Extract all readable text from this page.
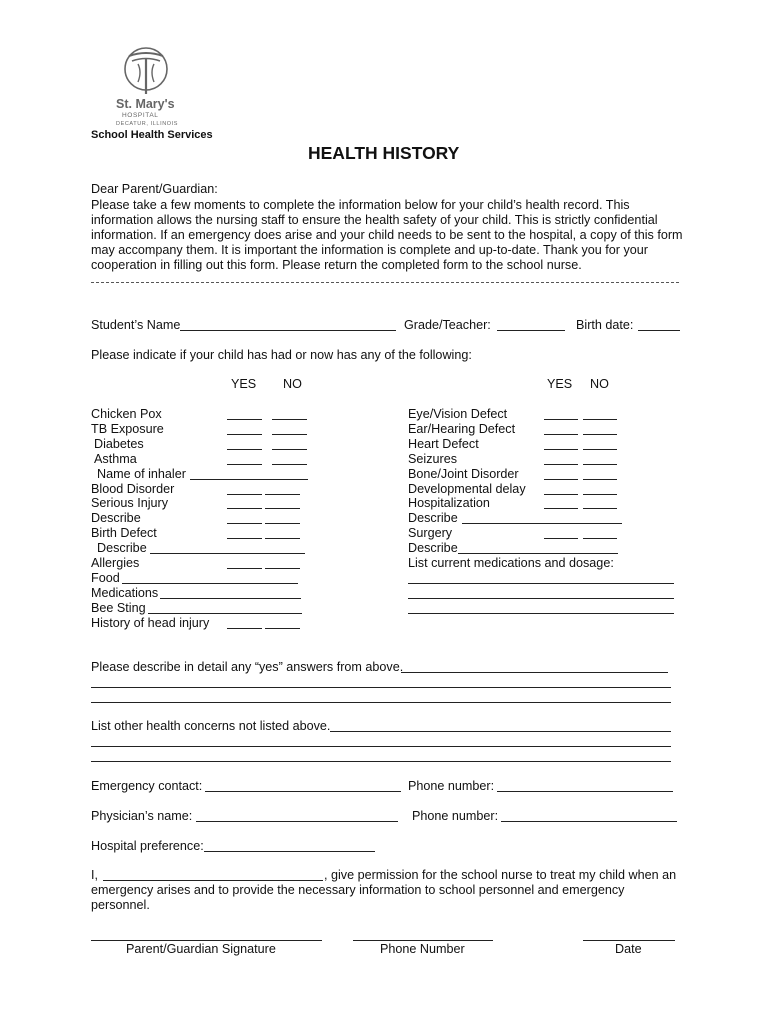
St. Mary's
HOSPITAL
DECATUR, ILLINOIS
School Health Services
HEALTH HISTORY
Dear Parent/Guardian:
Please take a few moments to complete the information below for your child’s health record. This information allows the nursing staff to ensure the health safety of your child. This is strictly confidential information. If an emergency does arise and your child needs to be sent to the hospital, a copy of this form may accompany them. It is important the information is complete and up-to-date. Thank you for your cooperation in filling out this form. Please return the completed form to the school nurse.
Student’s Name	Grade/Teacher:	Birth date:
Please indicate if your child has had or now has any of the following:
YES NO	YES NO
Chicken Pox
TB Exposure
Diabetes
Asthma
Name of inhaler
Blood Disorder
Serious Injury
Describe
Birth Defect
Describe
Allergies
Food
Medications
Bee Sting
History of head injury
Eye/Vision Defect
Ear/Hearing Defect
Heart Defect
Seizures
Bone/Joint Disorder
Developmental delay
Hospitalization
Describe
Surgery
Describe
List current medications and dosage:
Please describe in detail any “yes” answers from above.
List other health concerns not listed above.
Emergency contact:	Phone number:
Physician’s name:	Phone number:
Hospital preference:
I,	, give permission for the school nurse to treat my child when an
emergency arises and to provide the necessary information to school personnel and emergency
personnel.
Parent/Guardian Signature	Phone Number	Date
